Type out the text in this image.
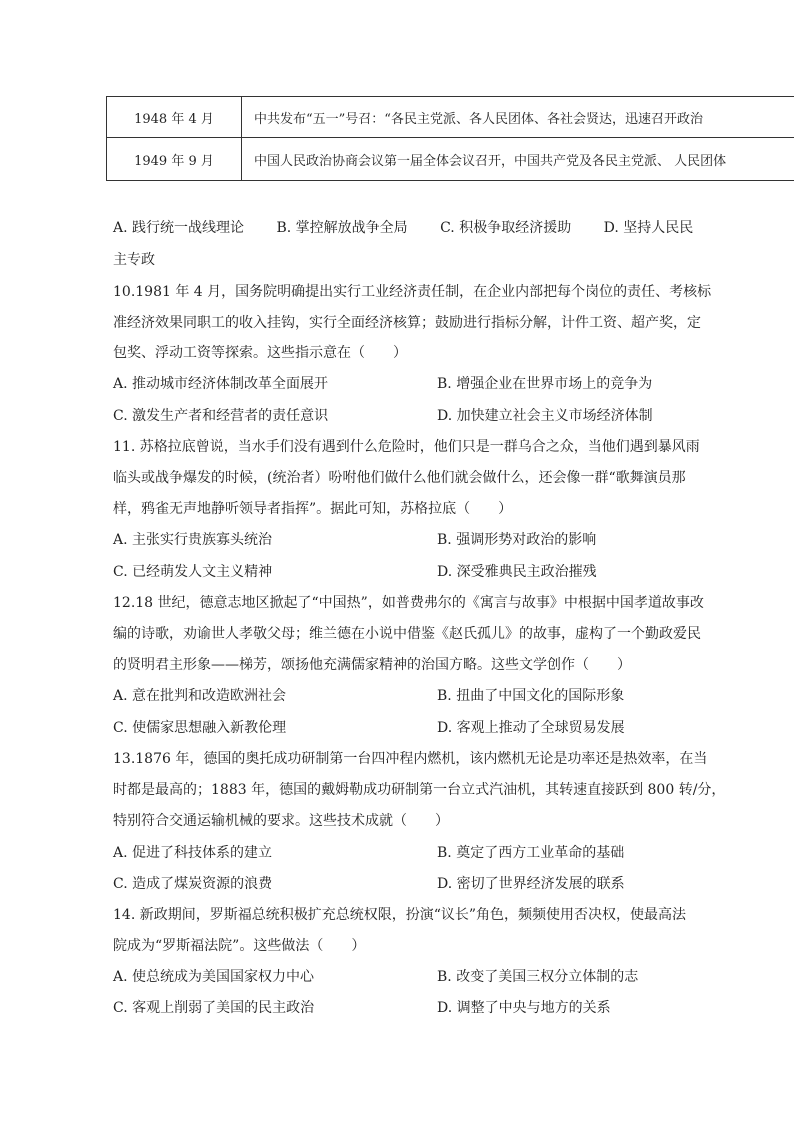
1948 年 4 月	中共发布“五一”号召：“各民主党派、各人民团体、各社会贤达，迅速召开政治
1949 年 9 月	中国人民政治协商会议第一届全体会议召开，中国共产党及各民主党派、 人民团体
A. 践行统一战线理论　　 B. 掌控解放战争全局　　 C. 积极争取经济援助　　 D. 坚持人民民
主专政
10.1981 年 4 月，国务院明确提出实行工业经济责任制，在企业内部把每个岗位的责任、考核标
准经济效果同职工的收入挂钩，实行全面经济核算；鼓励进行指标分解，计件工资、超产奖，定
包奖、浮动工资等探索。这些指示意在（　　）
A. 推动城市经济体制改革全面展开	B. 增强企业在世界市场上的竞争为
C. 激发生产者和经营者的责任意识	D. 加快建立社会主义市场经济体制
11. 苏格拉底曾说，当水手们没有遇到什么危险时，他们只是一群乌合之众，当他们遇到暴风雨
临头或战争爆发的时候，(统治者）吩咐他们做什么他们就会做什么，还会像一群“歌舞演员那
样，鸦雀无声地静听领导者指挥”。据此可知，苏格拉底（　　）
A. 主张实行贵族寡头统治	B. 强调形势对政治的影响
C. 已经萌发人文主义精神	D. 深受雅典民主政治摧残
12.18 世纪，德意志地区掀起了“中国热”，如普费弗尔的《寓言与故事》中根据中国孝道故事改
编的诗歌，劝谕世人孝敬父母；维兰德在小说中借鉴《赵氏孤儿》的故事，虚构了一个勤政爱民
的贤明君主形象——梯芳，颂扬他充满儒家精神的治国方略。这些文学创作（　　）
A. 意在批判和改造欧洲社会	B. 扭曲了中国文化的国际形象
C. 使儒家思想融入新教伦理	D. 客观上推动了全球贸易发展
13.1876 年，德国的奥托成功研制第一台四冲程内燃机，该内燃机无论是功率还是热效率，在当
时都是最高的；1883 年，德国的戴姆勒成功研制第一台立式汽油机，其转速直接跃到 800 转/分，
特别符合交通运输机械的要求。这些技术成就（　　）
A. 促进了科技体系的建立	B. 奠定了西方工业革命的基础
C. 造成了煤炭资源的浪费	D. 密切了世界经济发展的联系
14. 新政期间，罗斯福总统积极扩充总统权限，扮演“议长”角色，频频使用否决权，使最高法
院成为“罗斯福法院”。这些做法（　　）
A. 使总统成为美国国家权力中心	B. 改变了美国三权分立体制的志
C. 客观上削弱了美国的民主政治	D. 调整了中央与地方的关系
